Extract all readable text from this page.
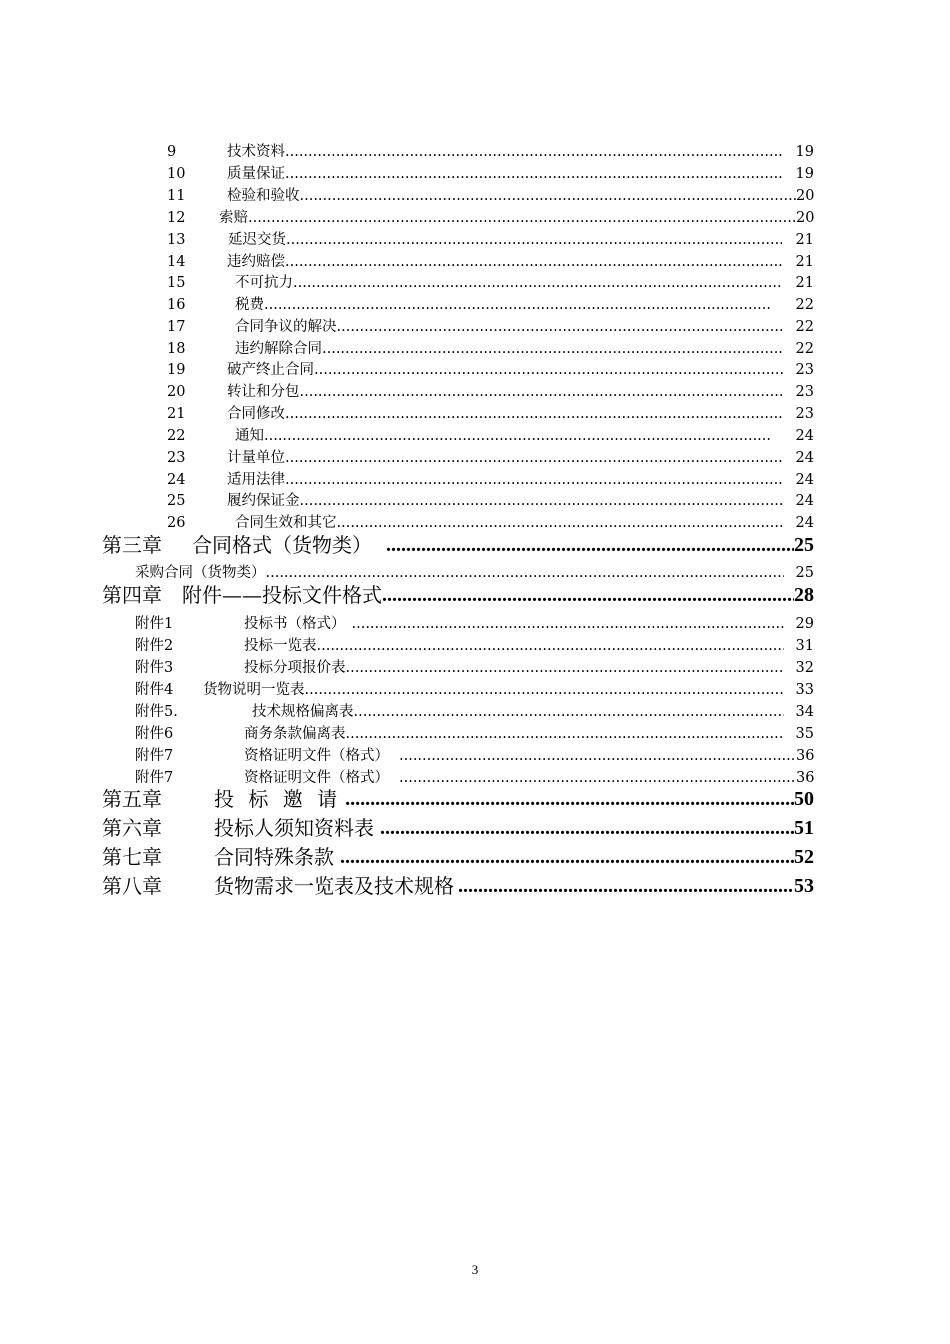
9	技术资料 .....	19
10	质量保证 .....	19
11	检验和验收 .....	20
12	索赔 .....	20
13	延迟交货 .....	21
14	违约赔偿 .....	21
15	不可抗力 .....	21
16	税费 .....	22
17	合同争议的解决 .....	22
18	违约解除合同 .....	22
19	破产终止合同 .....	23
20	转让和分包 .....	23
21	合同修改 .....	23
22	通知 .....	24
23	计量单位 .....	24
24	适用法律 .....	24
25	履约保证金 .....	24
26	合同生效和其它 .....	24
第三章	合同格式（货物类） .....	25
采购合同（货物类） .....	25
第四章	附件——投标文件格式 .....	28
附件1	投标书（格式） .....	29
附件2	投标一览表 .....	31
附件3	投标分项报价表 .....	32
附件4	货物说明一览表 .....	33
附件5.	技术规格偏离表 .....	34
附件6	商务条款偏离表 .....	35
附件7	资格证明文件（格式） .....	36
附件7	资格证明文件（格式） .....	36
第五章	投 标 邀 请 .....	50
第六章	投标人须知资料表 .....	51
第七章	合同特殊条款 .....	52
第八章	货物需求一览表及技术规格 .....	53
3
